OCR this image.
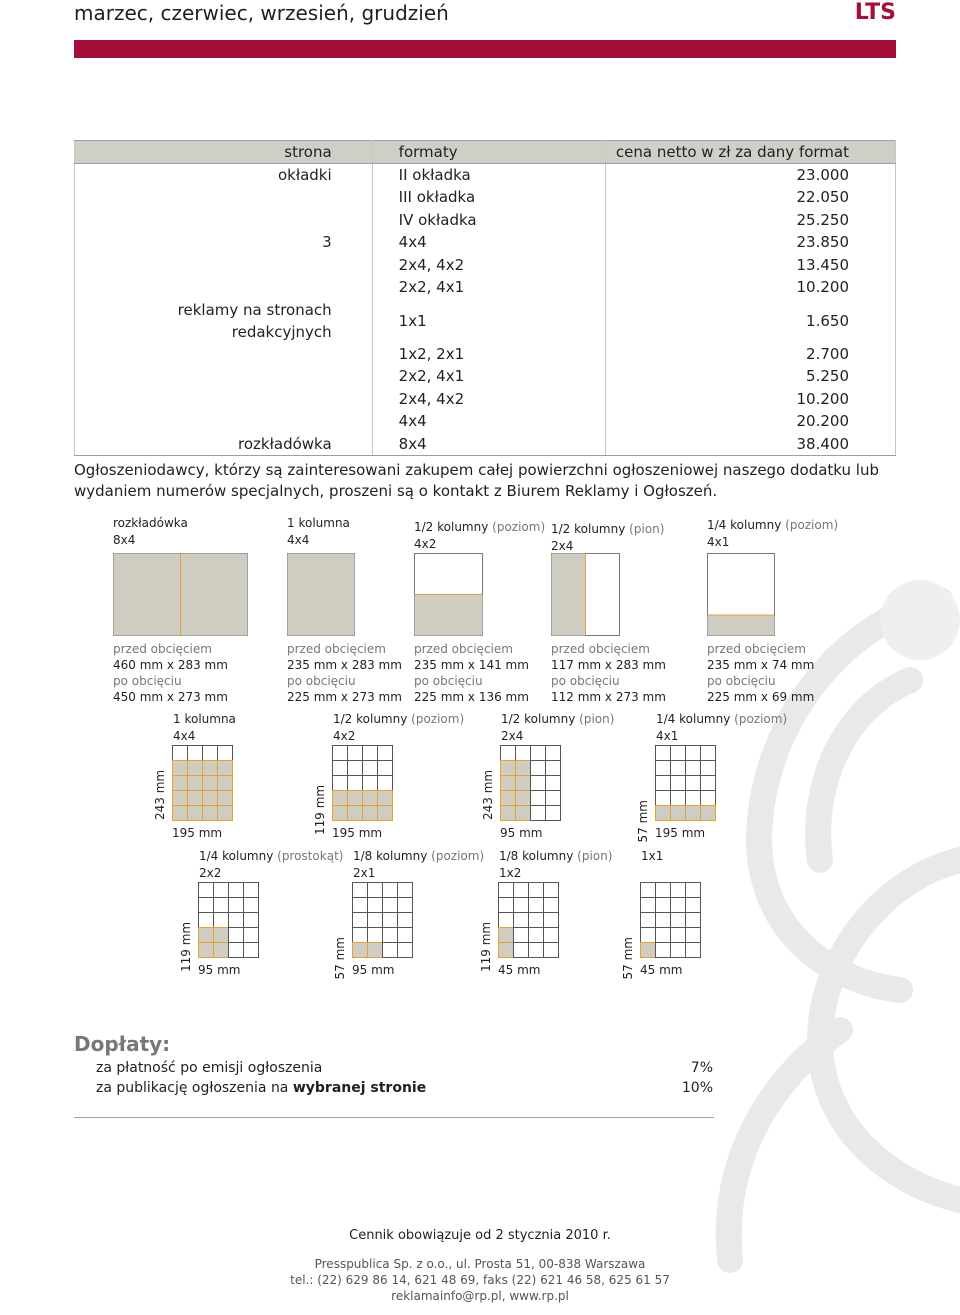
marzec, czerwiec, wrzesień, grudzień	LTS
strona	formaty	cena netto w zł za dany format
okładki	II okładka	23.000
	III okładka	22.050
	IV okładka	25.250
3	4x4	23.850
	2x4, 4x2	13.450
	2x2, 4x1	10.200
reklamy na stronach redakcyjnych	1x1	1.650
	1x2, 2x1	2.700
	2x2, 4x1	5.250
	2x4, 4x2	10.200
	4x4	20.200
rozkładówka	8x4	38.400
Ogłoszeniodawcy, którzy są zainteresowani zakupem całej powierzchni ogłoszeniowej naszego dodatku lub wydaniem numerów specjalnych, proszeni są o kontakt z Biurem Reklamy i Ogłoszeń.
rozkładówka
8x4
przed obcięciem
460 mm x 283 mm
po obcięciu
450 mm x 273 mm
1 kolumna
4x4
przed obcięciem
235 mm x 283 mm
po obcięciu
225 mm x 273 mm
1/2 kolumny (poziom)
4x2
przed obcięciem
235 mm x 141 mm
po obcięciu
225 mm x 136 mm
1/2 kolumny (pion)
2x4
przed obcięciem
117 mm x 283 mm
po obcięciu
112 mm x 273 mm
1/4 kolumny (poziom)
4x1
przed obcięciem
235 mm x 74 mm
po obcięciu
225 mm x 69 mm
1 kolumna
4x4
243 mm
195 mm
1/2 kolumny (poziom)
4x2
119 mm 195 mm
1/2 kolumny (pion)
2x4
243 mm
95 mm
1/4 kolumny (poziom)
4x1
57 mm 195 mm
1/4 kolumny (prostokąt)
2x2
119 mm 95 mm
1/8 kolumny (poziom)
2x1
57 mm 95 mm
1/8 kolumny (pion)
1x2
119 mm 45 mm
1x1
57 mm 45 mm
Dopłaty:
za płatność po emisji ogłoszenia	7%
za publikację ogłoszenia na wybranej stronie	10%
Cennik obowiązuje od 2 stycznia 2010 r.
Presspublica Sp. z o.o., ul. Prosta 51, 00-838 Warszawa
tel.: (22) 629 86 14, 621 48 69, faks (22) 621 46 58, 625 61 57
reklamainfo@rp.pl, www.rp.pl
